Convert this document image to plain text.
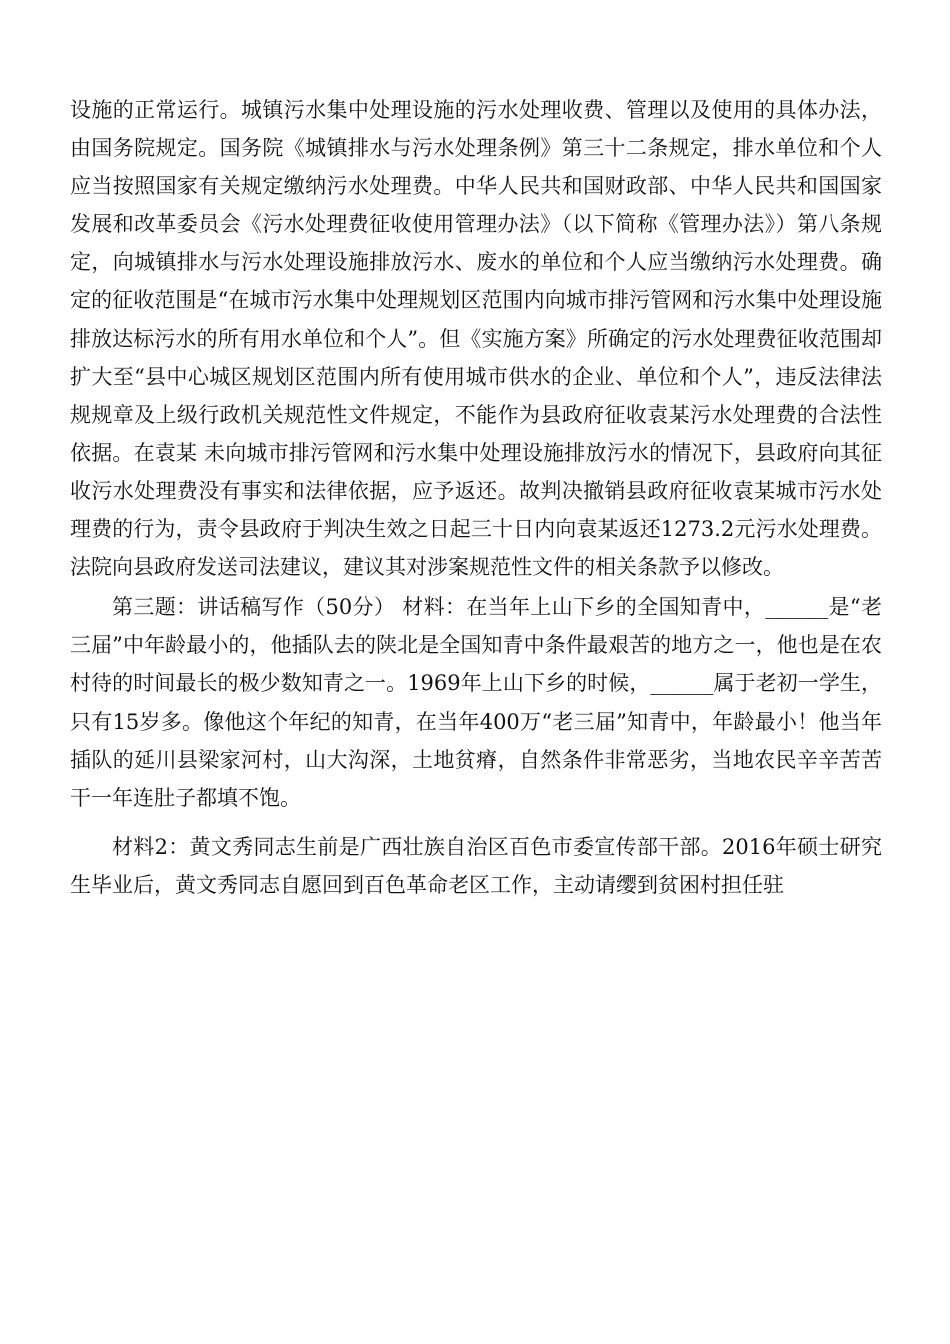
设施的正常运行。城镇污水集中处理设施的污水处理收费、管理以及使用的具体办法，由国务院规定。国务院《城镇排水与污水处理条例》第三十二条规定，排水单位和个人应当按照国家有关规定缴纳污水处理费。中华人民共和国财政部、中华人民共和国国家发展和改革委员会《污水处理费征收使用管理办法》（以下简称《管理办法》）第八条规定，向城镇排水与污水处理设施排放污水、废水的单位和个人应当缴纳污水处理费。确定的征收范围是“在城市污水集中处理规划区范围内向城市排污管网和污水集中处理设施排放达标污水的所有用水单位和个人”。但《实施方案》所确定的污水处理费征收范围却扩大至“县中心城区规划区范围内所有使用城市供水的企业、单位和个人”，违反法律法规规章及上级行政机关规范性文件规定，不能作为县政府征收袁某污水处理费的合法性依据。在袁某 未向城市排污管网和污水集中处理设施排放污水的情况下，县政府向其征收污水处理费没有事实和法律依据，应予返还。故判决撤销县政府征收袁某城市污水处理费的行为，责令县政府于判决生效之日起三十日内向袁某返还1273.2元污水处理费。法院向县政府发送司法建议，建议其对涉案规范性文件的相关条款予以修改。

第三题：讲话稿写作（50分） 材料：在当年上山下乡的全国知青中，______是“老三届”中年龄最小的，他插队去的陕北是全国知青中条件最艰苦的地方之一，他也是在农村待的时间最长的极少数知青之一。1969年上山下乡的时候，______属于老初一学生，只有15岁多。像他这个年纪的知青，在当年400万“老三届”知青中，年龄最小！他当年插队的延川县梁家河村，山大沟深，土地贫瘠，自然条件非常恶劣，当地农民辛辛苦苦干一年连肚子都填不饱。

材料2：黄文秀同志生前是广西壮族自治区百色市委宣传部干部。2016年硕士研究生毕业后，黄文秀同志自愿回到百色革命老区工作，主动请缨到贫困村担任驻
